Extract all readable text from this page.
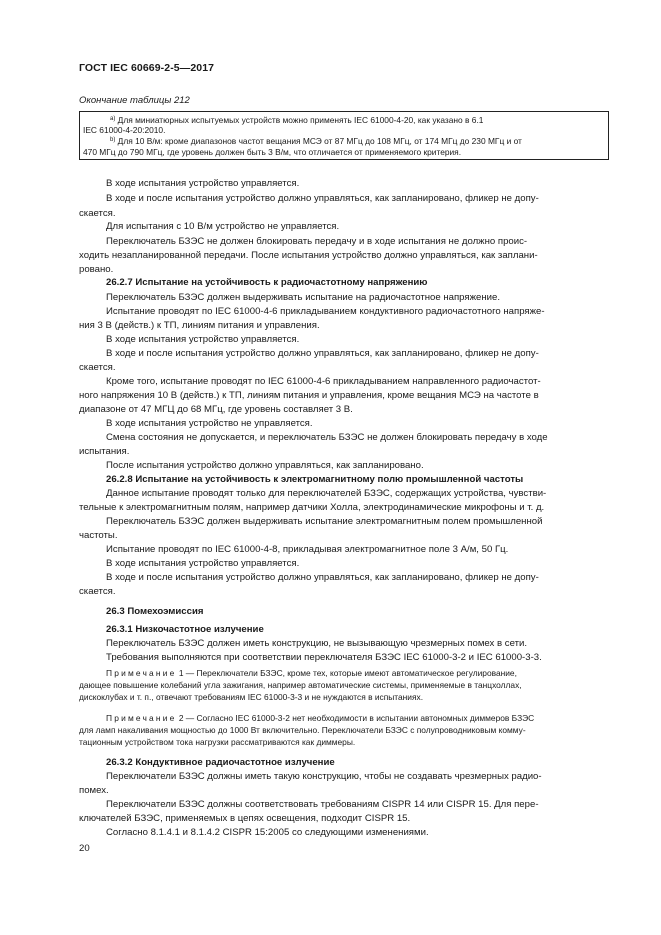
ГОСТ IEC 60669-2-5—2017
Окончание таблицы 212
$^{a)}$ Для миниатюрных испытуемых устройств можно применять IEC 61000-4-20, как указано в 6.1
IEC 61000-4-20:2010.
$^{b)}$ Для 10 В/м: кроме диапазонов частот вещания МСЭ от 87 МГц до 108 МГц, от 174 МГц до 230 МГц и от
470 МГц до 790 МГц, где уровень должен быть 3 В/м, что отличается от применяемого критерия.
В ходе испытания устройство управляется.
В ходе и после испытания устройство должно управляться, как запланировано, фликер не допу-
скается.
Для испытания с 10 В/м устройство не управляется.
Переключатель БЗЭС не должен блокировать передачу и в ходе испытания не должно проис-
ходить незапланированной передачи. После испытания устройство должно управляться, как заплани-
ровано.
26.2.7 Испытание на устойчивость к радиочастотному напряжению
Переключатель БЗЭС должен выдерживать испытание на радиочастотное напряжение.
Испытание проводят по IEC 61000-4-6 прикладыванием кондуктивного радиочастотного напряже-
ния 3 В (действ.) к ТП, линиям питания и управления.
В ходе испытания устройство управляется.
В ходе и после испытания устройство должно управляться, как запланировано, фликер не допу-
скается.
Кроме того, испытание проводят по IEC 61000-4-6 прикладыванием направленного радиочастот-
ного напряжения 10 В (действ.) к ТП, линиям питания и управления, кроме вещания МСЭ на частоте в
диапазоне от 47 МГЦ до 68 МГц, где уровень составляет 3 В.
В ходе испытания устройство не управляется.
Смена состояния не допускается, и переключатель БЗЭС не должен блокировать передачу в ходе
испытания.
После испытания устройство должно управляться, как запланировано.
26.2.8 Испытание на устойчивость к электромагнитному полю промышленной частоты
Данное испытание проводят только для переключателей БЗЭС, содержащих устройства, чувстви-
тельные к электромагнитным полям, например датчики Холла, электродинамические микрофоны и т. д.
Переключатель БЗЭС должен выдерживать испытание электромагнитным полем промышленной
частоты.
Испытание проводят по IEC 61000-4-8, прикладывая электромагнитное поле 3 А/м, 50 Гц.
В ходе испытания устройство управляется.
В ходе и после испытания устройство должно управляться, как запланировано, фликер не допу-
скается.
26.3 Помехоэмиссия
26.3.1 Низкочастотное излучение
Переключатель БЗЭС должен иметь конструкцию, не вызывающую чрезмерных помех в сети.
Требования выполняются при соответствии переключателя БЗЭС IEC 61000-3-2 и IEC 61000-3-3.
Примечание 1 — Переключатели БЗЭС, кроме тех, которые имеют автоматическое регулирование,
дающее повышение колебаний угла зажигания, например автоматические системы, применяемые в танцхоллах,
дискоклубах и т. п., отвечают требованиям IEC 61000-3-3 и не нуждаются в испытаниях.
Примечание 2 — Согласно IEC 61000-3-2 нет необходимости в испытании автономных диммеров БЗЭС
для ламп накаливания мощностью до 1000 Вт включительно. Переключатели БЗЭС с полупроводниковым комму-
тационным устройством тока нагрузки рассматриваются как диммеры.
26.3.2 Кондуктивное радиочастотное излучение
Переключатели БЗЭС должны иметь такую конструкцию, чтобы не создавать чрезмерных радио-
помех.
Переключатели БЗЭС должны соответствовать требованиям CISPR 14 или CISPR 15. Для пере-
ключателей БЗЭС, применяемых в цепях освещения, подходит CISPR 15.
Согласно 8.1.4.1 и 8.1.4.2 CISPR 15:2005 со следующими изменениями.
20
